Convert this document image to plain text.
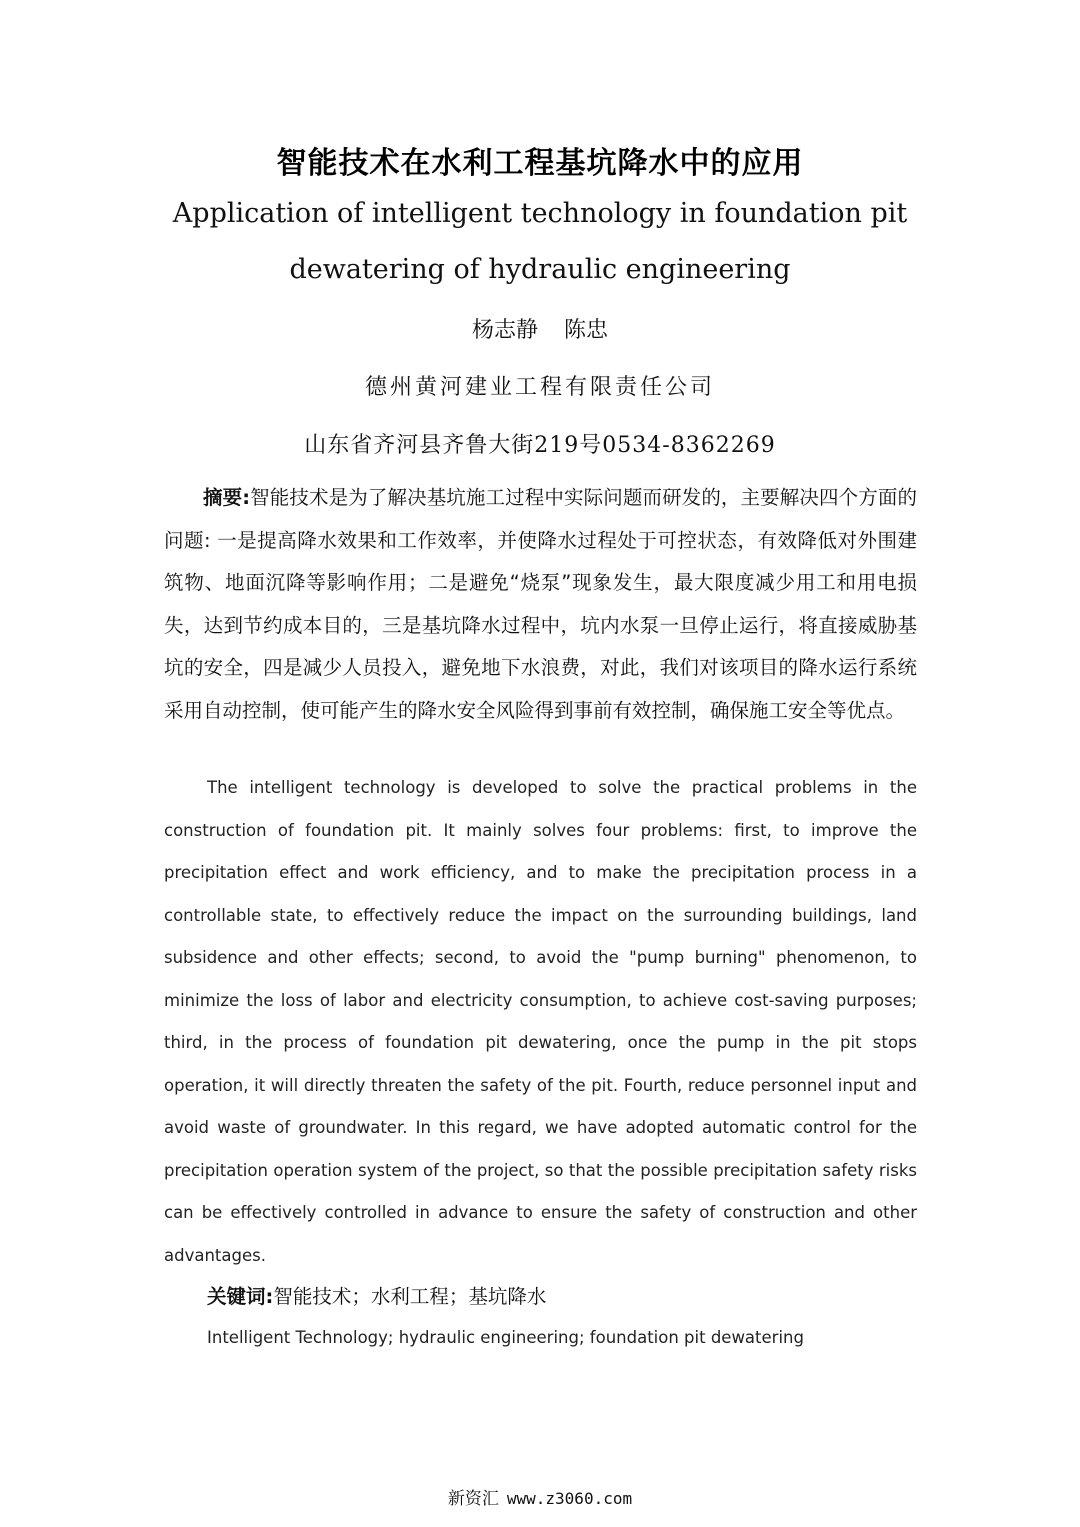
智能技术在水利工程基坑降水中的应用
Application of intelligent technology in foundation pit
dewatering of hydraulic engineering
杨志静 陈忠
德州黄河建业工程有限责任公司
山东省齐河县齐鲁大街219号0534-8362269
摘要:智能技术是为了解决基坑施工过程中实际问题而研发的，主要解决四个方面的问题: 一是提高降水效果和工作效率，并使降水过程处于可控状态，有效降低对外围建筑物、地面沉降等影响作用；二是避免“烧泵”现象发生，最大限度减少用工和用电损失，达到节约成本目的，三是基坑降水过程中，坑内水泵一旦停止运行，将直接威胁基坑的安全，四是减少人员投入，避免地下水浪费，对此，我们对该项目的降水运行系统采用自动控制，使可能产生的降水安全风险得到事前有效控制，确保施工安全等优点。
The intelligent technology is developed to solve the practical problems in the construction of foundation pit. It mainly solves four problems: first, to improve the precipitation effect and work efficiency, and to make the precipitation process in a controllable state, to effectively reduce the impact on the surrounding buildings, land subsidence and other effects; second, to avoid the "pump burning" phenomenon, to minimize the loss of labor and electricity consumption, to achieve cost-saving purposes; third, in the process of foundation pit dewatering, once the pump in the pit stops operation, it will directly threaten the safety of the pit. Fourth, reduce personnel input and avoid waste of groundwater. In this regard, we have adopted automatic control for the precipitation operation system of the project, so that the possible precipitation safety risks can be effectively controlled in advance to ensure the safety of construction and other advantages.
关键词:智能技术；水利工程；基坑降水
Intelligent Technology; hydraulic engineering; foundation pit dewatering
新资汇 www.z3060.com
